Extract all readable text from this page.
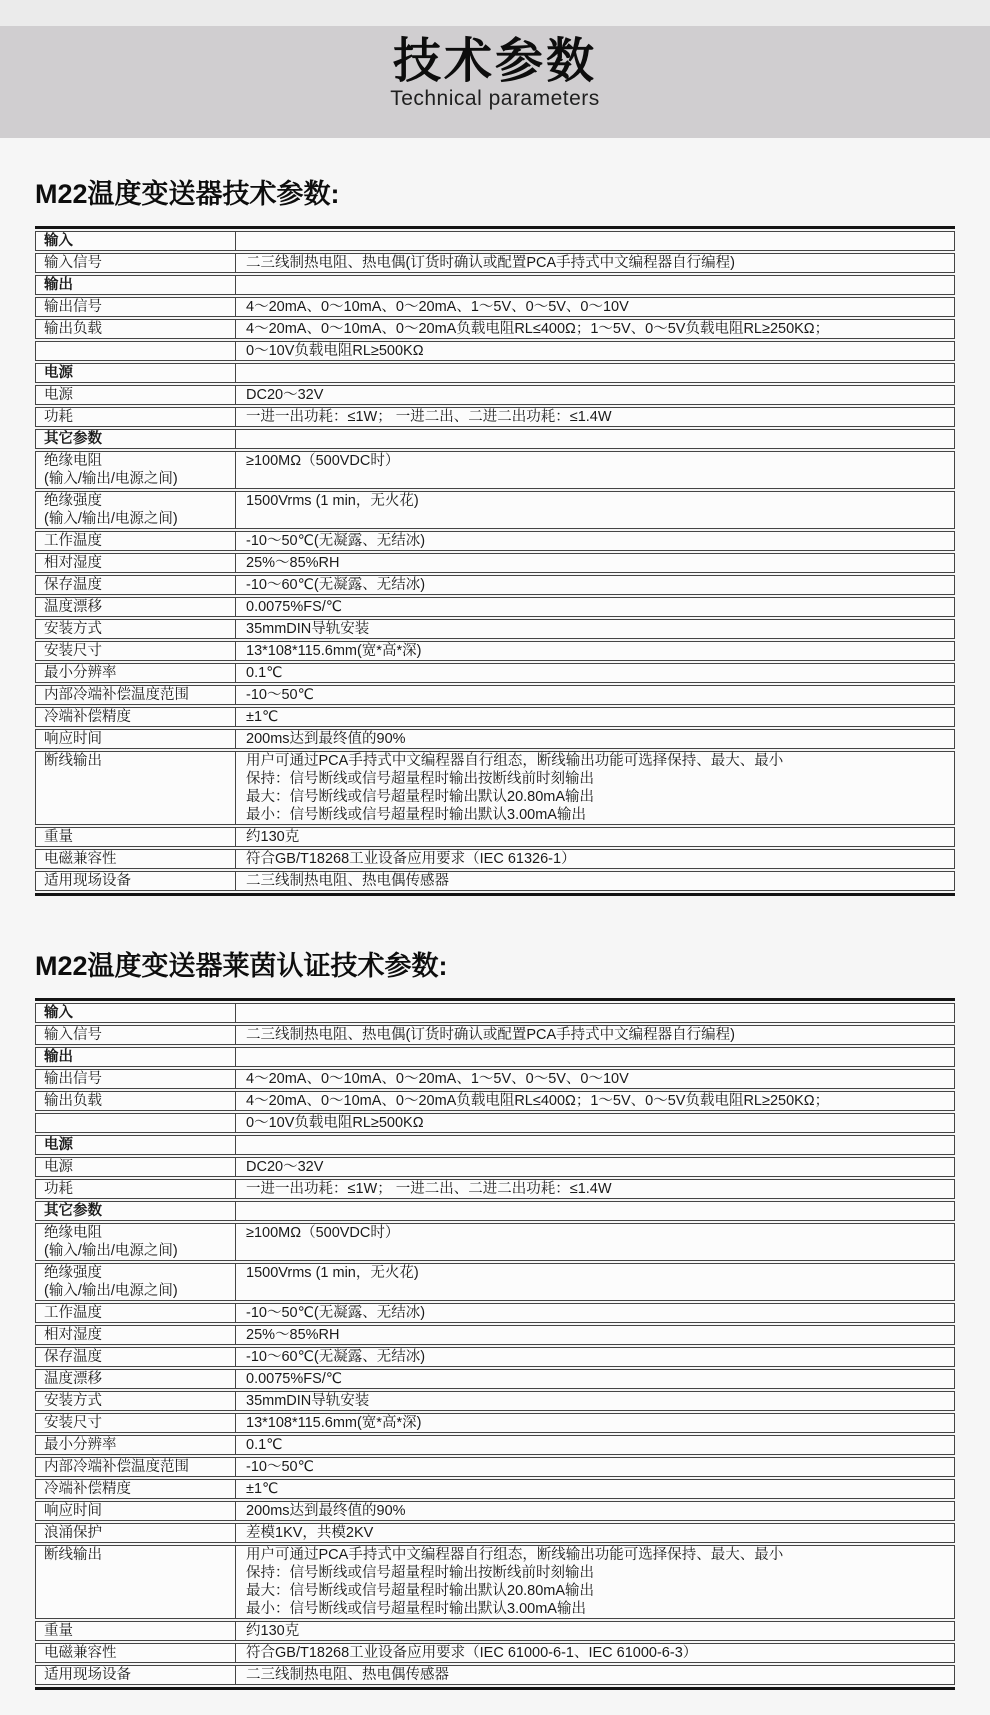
技术参数
Technical parameters
M22温度变送器技术参数:
输入	

输入信号	二三线制热电阻、热电偶(订货时确认或配置PCA手持式中文编程器自行编程)

输出	

输出信号	4～20mA、0～10mA、0～20mA、1～5V、0～5V、0～10V

输出负载	4～20mA、0～10mA、0～20mA负载电阻RL≤400Ω；1～5V、0～5V负载电阻RL≥250KΩ；

	0～10V负载电阻RL≥500KΩ

电源	

电源	DC20～32V

功耗	一进一出功耗：≤1W； 一进二出、二进二出功耗：≤1.4W

其它参数	

绝缘电阻
(输入/输出/电源之间)	≥100MΩ（500VDC时）

绝缘强度
(输入/输出/电源之间)	1500Vrms (1 min，无火花)

工作温度	-10～50℃(无凝露、无结冰)

相对湿度	25%～85%RH

保存温度	-10～60℃(无凝露、无结冰)

温度漂移	0.0075%FS/℃

安装方式	35mmDIN导轨安装

安装尺寸	13*108*115.6mm(宽*高*深)

最小分辨率	0.1℃

内部冷端补偿温度范围	-10～50℃

冷端补偿精度	±1℃

响应时间	200ms达到最终值的90%

断线输出	用户可通过PCA手持式中文编程器自行组态，断线输出功能可选择保持、最大、最小
保持：信号断线或信号超量程时输出按断线前时刻输出
最大：信号断线或信号超量程时输出默认20.80mA输出
最小：信号断线或信号超量程时输出默认3.00mA输出

重量	约130克

电磁兼容性	符合GB/T18268工业设备应用要求（IEC 61326-1）

适用现场设备	二三线制热电阻、热电偶传感器
M22温度变送器莱茵认证技术参数:
输入	

输入信号	二三线制热电阻、热电偶(订货时确认或配置PCA手持式中文编程器自行编程)

输出	

输出信号	4～20mA、0～10mA、0～20mA、1～5V、0～5V、0～10V

输出负载	4～20mA、0～10mA、0～20mA负载电阻RL≤400Ω；1～5V、0～5V负载电阻RL≥250KΩ；

	0～10V负载电阻RL≥500KΩ

电源	

电源	DC20～32V

功耗	一进一出功耗：≤1W； 一进二出、二进二出功耗：≤1.4W

其它参数	

绝缘电阻
(输入/输出/电源之间)	≥100MΩ（500VDC时）

绝缘强度
(输入/输出/电源之间)	1500Vrms (1 min，无火花)

工作温度	-10～50℃(无凝露、无结冰)

相对湿度	25%～85%RH

保存温度	-10～60℃(无凝露、无结冰)

温度漂移	0.0075%FS/℃

安装方式	35mmDIN导轨安装

安装尺寸	13*108*115.6mm(宽*高*深)

最小分辨率	0.1℃

内部冷端补偿温度范围	-10～50℃

冷端补偿精度	±1℃

响应时间	200ms达到最终值的90%

浪涌保护	差模1KV，共模2KV

断线输出	用户可通过PCA手持式中文编程器自行组态，断线输出功能可选择保持、最大、最小
保持：信号断线或信号超量程时输出按断线前时刻输出
最大：信号断线或信号超量程时输出默认20.80mA输出
最小：信号断线或信号超量程时输出默认3.00mA输出

重量	约130克

电磁兼容性	符合GB/T18268工业设备应用要求（IEC 61000-6-1、IEC 61000-6-3）

适用现场设备	二三线制热电阻、热电偶传感器
